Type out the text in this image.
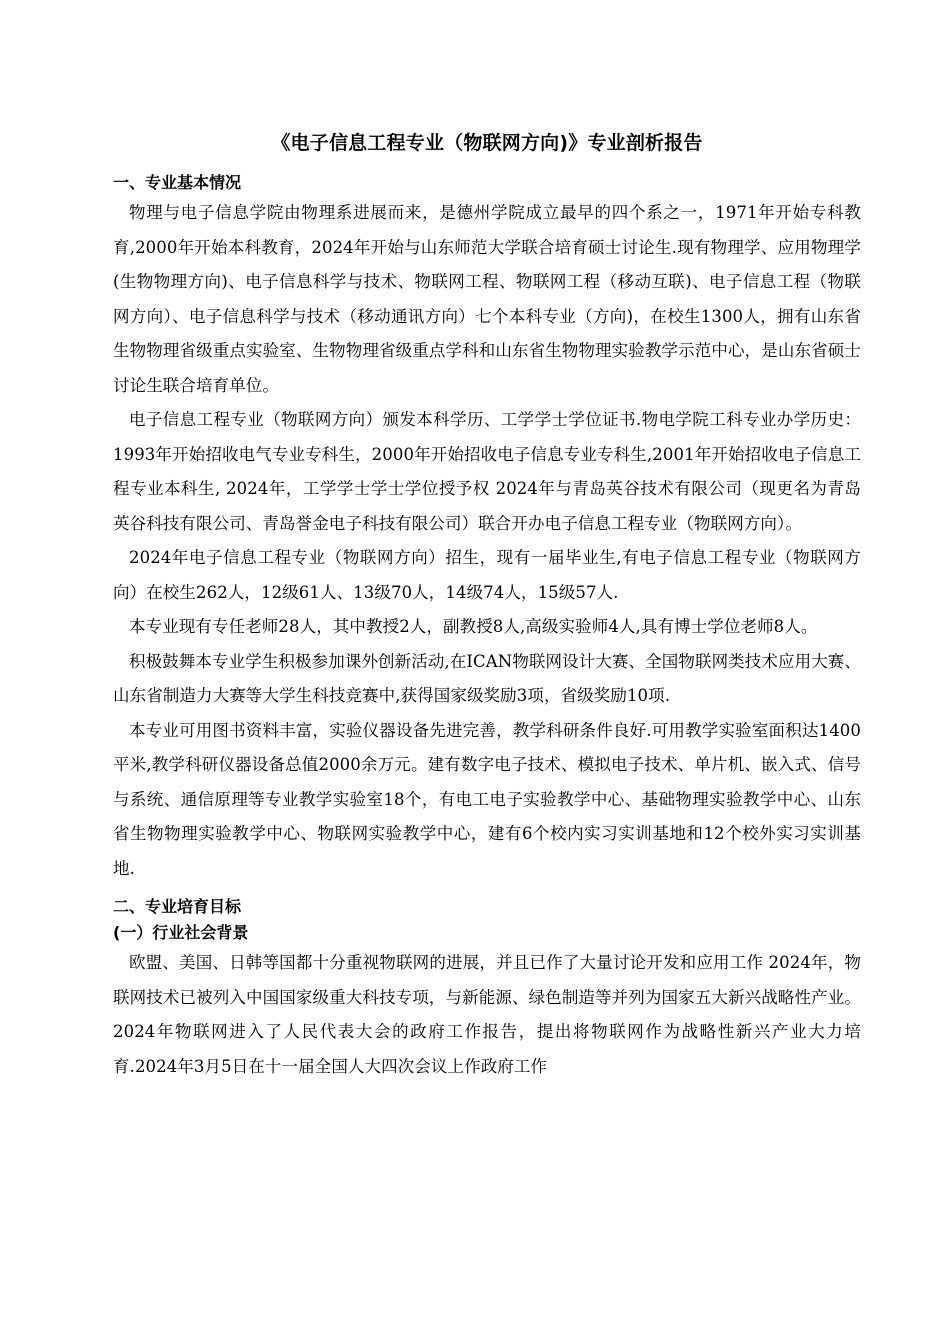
《电子信息工程专业（物联网方向)》专业剖析报告
一、专业基本情况

物理与电子信息学院由物理系进展而来，是德州学院成立最早的四个系之一，1971年开始专科教育,2000年开始本科教育，2024年开始与山东师范大学联合培育硕士讨论生.现有物理学、应用物理学(生物物理方向)、电子信息科学与技术、物联网工程、物联网工程（移动互联)、电子信息工程（物联网方向）、电子信息科学与技术（移动通讯方向）七个本科专业（方向)，在校生1300人，拥有山东省生物物理省级重点实验室、生物物理省级重点学科和山东省生物物理实验教学示范中心，是山东省硕士讨论生联合培育单位。

电子信息工程专业（物联网方向）颁发本科学历、工学学士学位证书.物电学院工科专业办学历史：1993年开始招收电气专业专科生，2000年开始招收电子信息专业专科生,2001年开始招收电子信息工程专业本科生, 2024年，工学学士学士学位授予权 2024年与青岛英谷技术有限公司（现更名为青岛英谷科技有限公司、青岛誉金电子科技有限公司）联合开办电子信息工程专业（物联网方向）。

2024年电子信息工程专业（物联网方向）招生，现有一届毕业生,有电子信息工程专业（物联网方向）在校生262人，12级61人、13级70人，14级74人，15级57人.

本专业现有专任老师28人，其中教授2人，副教授8人,高级实验师4人,具有博士学位老师8人。

积极鼓舞本专业学生积极参加课外创新活动,在ICAN物联网设计大赛、全国物联网类技术应用大赛、山东省制造力大赛等大学生科技竞赛中,获得国家级奖励3项，省级奖励10项.

本专业可用图书资料丰富，实验仪器设备先进完善，教学科研条件良好.可用教学实验室面积达1400平米,教学科研仪器设备总值2000余万元。建有数字电子技术、模拟电子技术、单片机、嵌入式、信号与系统、通信原理等专业教学实验室18个，有电工电子实验教学中心、基础物理实验教学中心、山东省生物物理实验教学中心、物联网实验教学中心，建有6个校内实习实训基地和12个校外实习实训基地.

二、专业培育目标
(一）行业社会背景

欧盟、美国、日韩等国都十分重视物联网的进展，并且已作了大量讨论开发和应用工作 2024年，物联网技术已被列入中国国家级重大科技专项，与新能源、绿色制造等并列为国家五大新兴战略性产业。2024年物联网进入了人民代表大会的政府工作报告，提出将物联网作为战略性新兴产业大力培育.2024年3月5日在十一届全国人大四次会议上作政府工作
